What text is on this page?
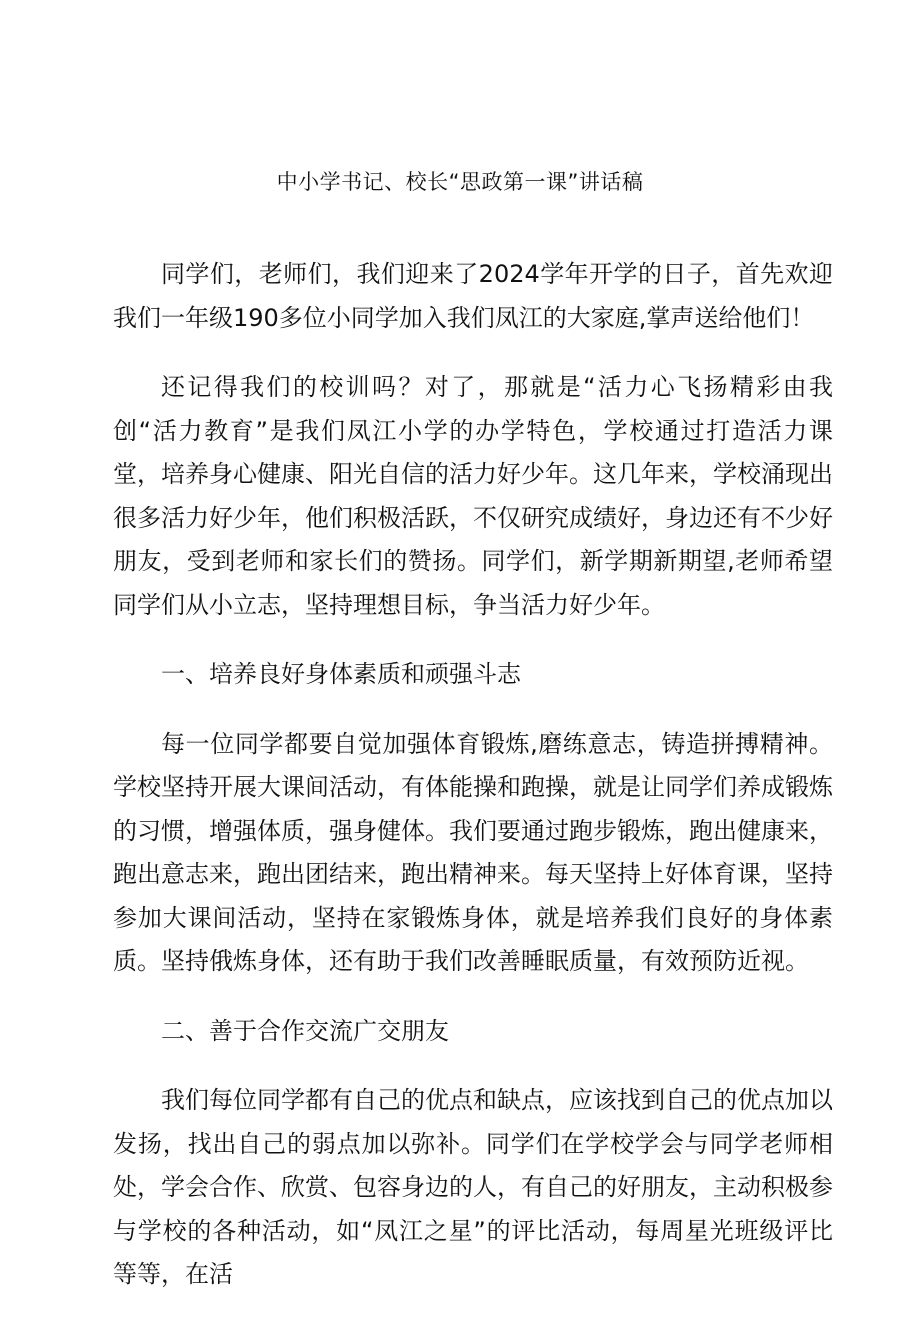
中小学书记、校长“思政第一课”讲话稿

同学们，老师们，我们迎来了2024学年开学的日子，首先欢迎我们一年级190多位小同学加入我们凤江的大家庭,掌声送给他们！

还记得我们的校训吗？对了，那就是“活力心飞扬精彩由我创“活力教育”是我们凤江小学的办学特色，学校通过打造活力课堂，培养身心健康、阳光自信的活力好少年。这几年来，学校涌现出很多活力好少年，他们积极活跃，不仅研究成绩好，身边还有不少好朋友，受到老师和家长们的赞扬。同学们，新学期新期望,老师希望同学们从小立志，坚持理想目标，争当活力好少年。

一、培养良好身体素质和顽强斗志

每一位同学都要自觉加强体育锻炼,磨练意志，铸造拼搏精神。学校坚持开展大课间活动，有体能操和跑操，就是让同学们养成锻炼的习惯，增强体质，强身健体。我们要通过跑步锻炼，跑出健康来，跑出意志来，跑出团结来，跑出精神来。每天坚持上好体育课，坚持参加大课间活动，坚持在家锻炼身体，就是培养我们良好的身体素质。坚持俄炼身体，还有助于我们改善睡眠质量，有效预防近视。

二、善于合作交流广交朋友

我们每位同学都有自己的优点和缺点，应该找到自己的优点加以发扬，找出自己的弱点加以弥补。同学们在学校学会与同学老师相处，学会合作、欣赏、包容身边的人，有自己的好朋友，主动积极参与学校的各种活动，如“凤江之星”的评比活动，每周星光班级评比等等，在活
